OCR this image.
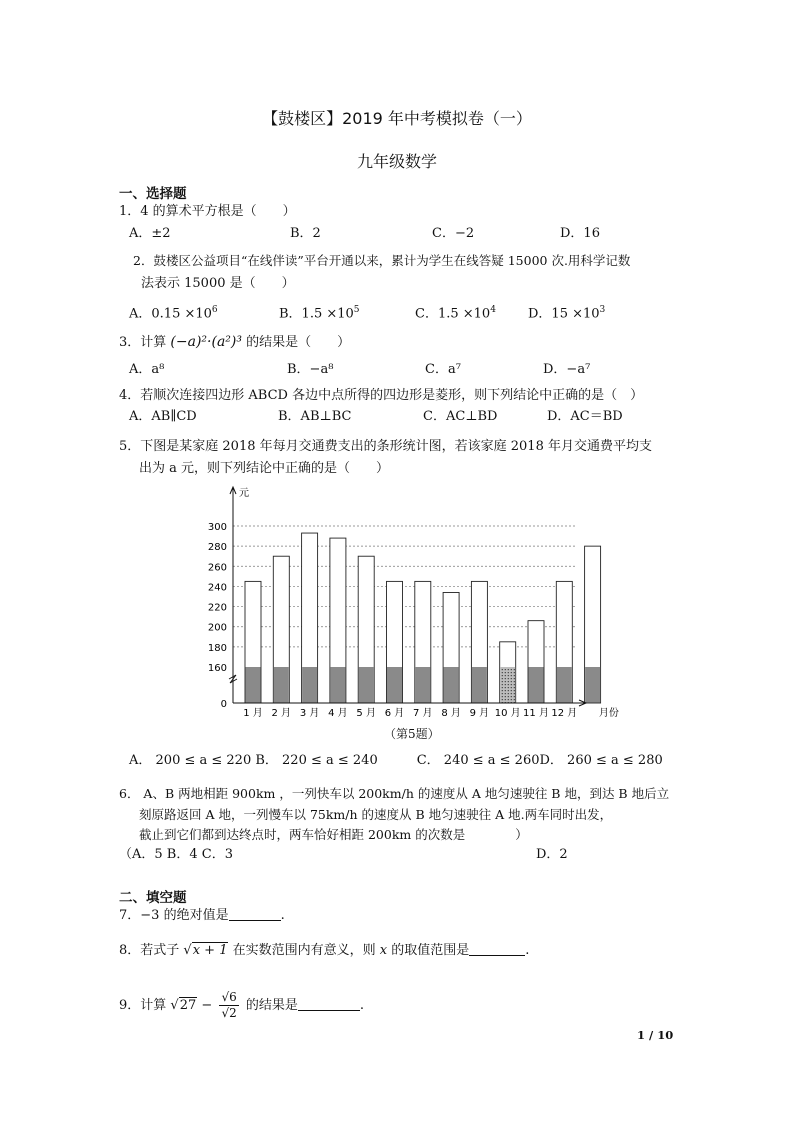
【鼓楼区】2019 年中考模拟卷（一）
九年级数学
一、选择题
1．4 的算术平方根是（　　）
A．±2	B．2	C．−2	D．16
2．鼓楼区公益项目“在线伴读”平台开通以来，累计为学生在线答疑 15000 次.用科学记数
法表示 15000 是（　　）
A．$0.15 \times 10^6$	B．$1.5 \times 10^5$	C．$1.5 \times 10^4$ D．$15 \times 10^3$
3．计算 (−a)²·(a²)³ 的结果是（　　）
A．a⁸	B．−a⁸	C．a⁷	D．−a⁷
4．若顺次连接四边形 ABCD 各边中点所得的四边形是菱形，则下列结论中正确的是（　）
A．AB∥CD	B．AB⊥BC	C．AC⊥BD	D．AC＝BD
5．下图是某家庭 2018 年每月交通费支出的条形统计图，若该家庭 2018 年月交通费平均支
出为 a 元，则下列结论中正确的是（　　）
0
160
180
200
220
240
260
280
300
元
1 月 2 月 3 月 4 月 5 月 6 月 7 月 8 月 9 月 10 月 11 月 12 月 月份
（第5题）
A． 200 ≤ a ≤ 220 B． 220 ≤ a ≤ 240　　　C． 240 ≤ a ≤ 260D． 260 ≤ a ≤ 280
6． A、B 两地相距 900km ，一列快车以 200km/h 的速度从 A 地匀速驶往 B 地，到达 B 地后立
刻原路返回 A 地，一列慢车以 75km/h 的速度从 B 地匀速驶往 A 地.两车同时出发，
截止到它们都到达终点时，两车恰好相距 200km 的次数是　　　　）
（A．5 B．4 C．3	D．2
二、填空题
7．−3 的绝对值是	.
8．若式子 √x + 1 在实数范围内有意义，则 x 的取值范围是	.
9．计算 $√27 - \frac{√6}{√2}$ 的结果是	.
1 / 10
